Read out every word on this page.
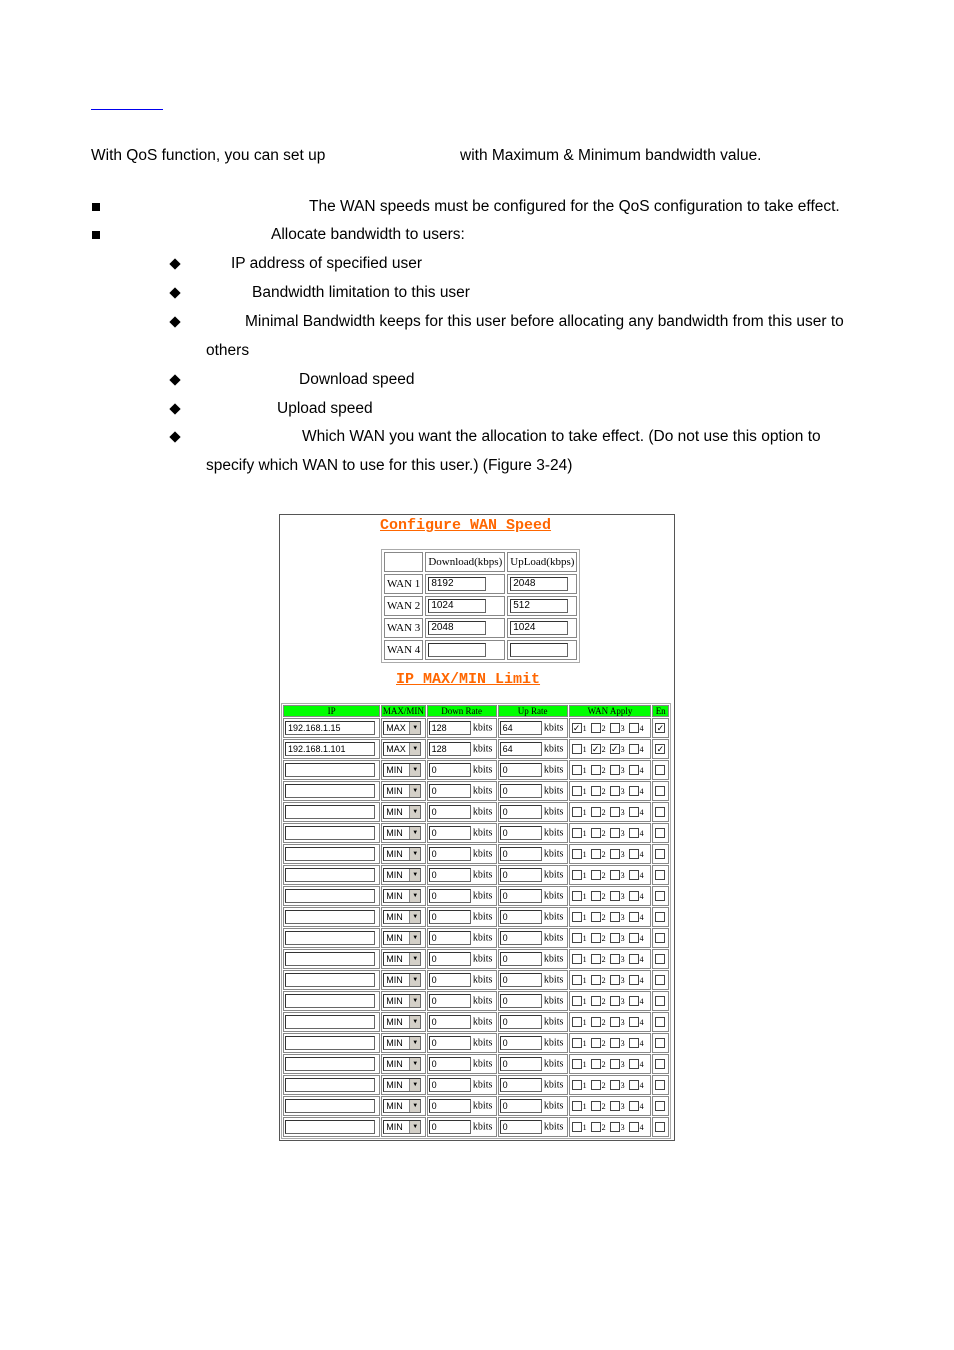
With QoS function, you can set up	with Maximum & Minimum bandwidth value.
The WAN speeds must be configured for the QoS configuration to take effect.
Allocate bandwidth to users:
IP address of specified user
Bandwidth limitation to this user
Minimal Bandwidth keeps for this user before allocating any bandwidth from this user to
others
Download speed
Upload speed
Which WAN you want the allocation to take effect. (Do not use this option to
specify which WAN to use for this user.) (Figure 3-24)
Configure WAN Speed
	Download(kbps)	UpLoad(kbps)
WAN 1	8192	2048

WAN 2	1024	512

WAN 3	2048	1024

WAN 4	

IP MAX/MIN Limit
IP	MAX/MIN	Down Rate	Up Rate	WAN Apply	En

192.168.1.15	MAX ▼	128 kbits	64 kbits	✓ 1 2 3 4	✓

192.168.1.101	MAX ▼	128 kbits	64 kbits	1 ✓ 2 ✓ 3 4	✓

	MIN ▼	0 kbits	0 kbits	1 2 3 4	

	MIN ▼	0 kbits	0 kbits	1 2 3 4	

	MIN ▼	0 kbits	0 kbits	1 2 3 4	

	MIN ▼	0 kbits	0 kbits	1 2 3 4	

	MIN ▼	0 kbits	0 kbits	1 2 3 4	

	MIN ▼	0 kbits	0 kbits	1 2 3 4	

	MIN ▼	0 kbits	0 kbits	1 2 3 4	

	MIN ▼	0 kbits	0 kbits	1 2 3 4	

	MIN ▼	0 kbits	0 kbits	1 2 3 4	

	MIN ▼	0 kbits	0 kbits	1 2 3 4	

	MIN ▼	0 kbits	0 kbits	1 2 3 4	

	MIN ▼	0 kbits	0 kbits	1 2 3 4	

	MIN ▼	0 kbits	0 kbits	1 2 3 4	

	MIN ▼	0 kbits	0 kbits	1 2 3 4	

	MIN ▼	0 kbits	0 kbits	1 2 3 4	

	MIN ▼	0 kbits	0 kbits	1 2 3 4	

	MIN ▼	0 kbits	0 kbits	1 2 3 4	

	MIN ▼	0 kbits	0 kbits	1 2 3 4	
